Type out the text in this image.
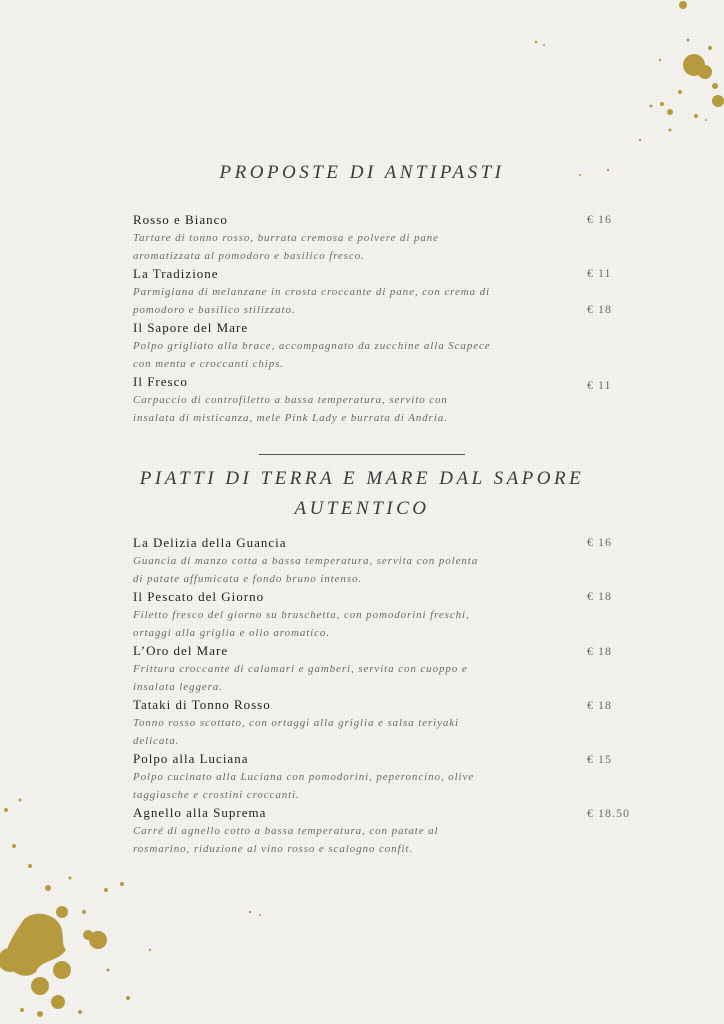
PROPOSTE DI ANTIPASTI
Rosso e Bianco
Tartare di tonno rosso, burrata cremosa e polvere di pane
aromatizzata al pomodoro e basilico fresco.
La Tradizione
Parmigiana di melanzane in crosta croccante di pane, con crema di
pomodoro e basilico stilizzato.
Il Sapore del Mare
Polpo grigliato alla brace, accompagnato da zucchine alla Scapece
con menta e croccanti chips.
Il Fresco
Carpaccio di controfiletto a bassa temperatura, servito con
insalata di misticanza, mele Pink Lady e burrata di Andria.
€ 16
€ 11
€ 18
€ 11
PIATTI DI TERRA E MARE DAL SAPORE
AUTENTICO
La Delizia della Guancia
Guancia di manzo cotta a bassa temperatura, servita con polenta
di patate affumicata e fondo bruno intenso.
€ 16
Il Pescato del Giorno
Filetto fresco del giorno su bruschetta, con pomodorini freschi,
ortaggi alla griglia e olio aromatico.
€ 18
L’Oro del Mare
Frittura croccante di calamari e gamberi, servita con cuoppo e
insalata leggera.
€ 18
Tataki di Tonno Rosso
Tonno rosso scottato, con ortaggi alla griglia e salsa teriyaki
delicata.
€ 18
Polpo alla Luciana
Polpo cucinato alla Luciana con pomodorini, peperoncino, olive
taggiasche e crostini croccanti.
€ 15
Agnello alla Suprema
Carré di agnello cotto a bassa temperatura, con patate al
rosmarino, riduzione al vino rosso e scalogno confit.
€ 18.50
